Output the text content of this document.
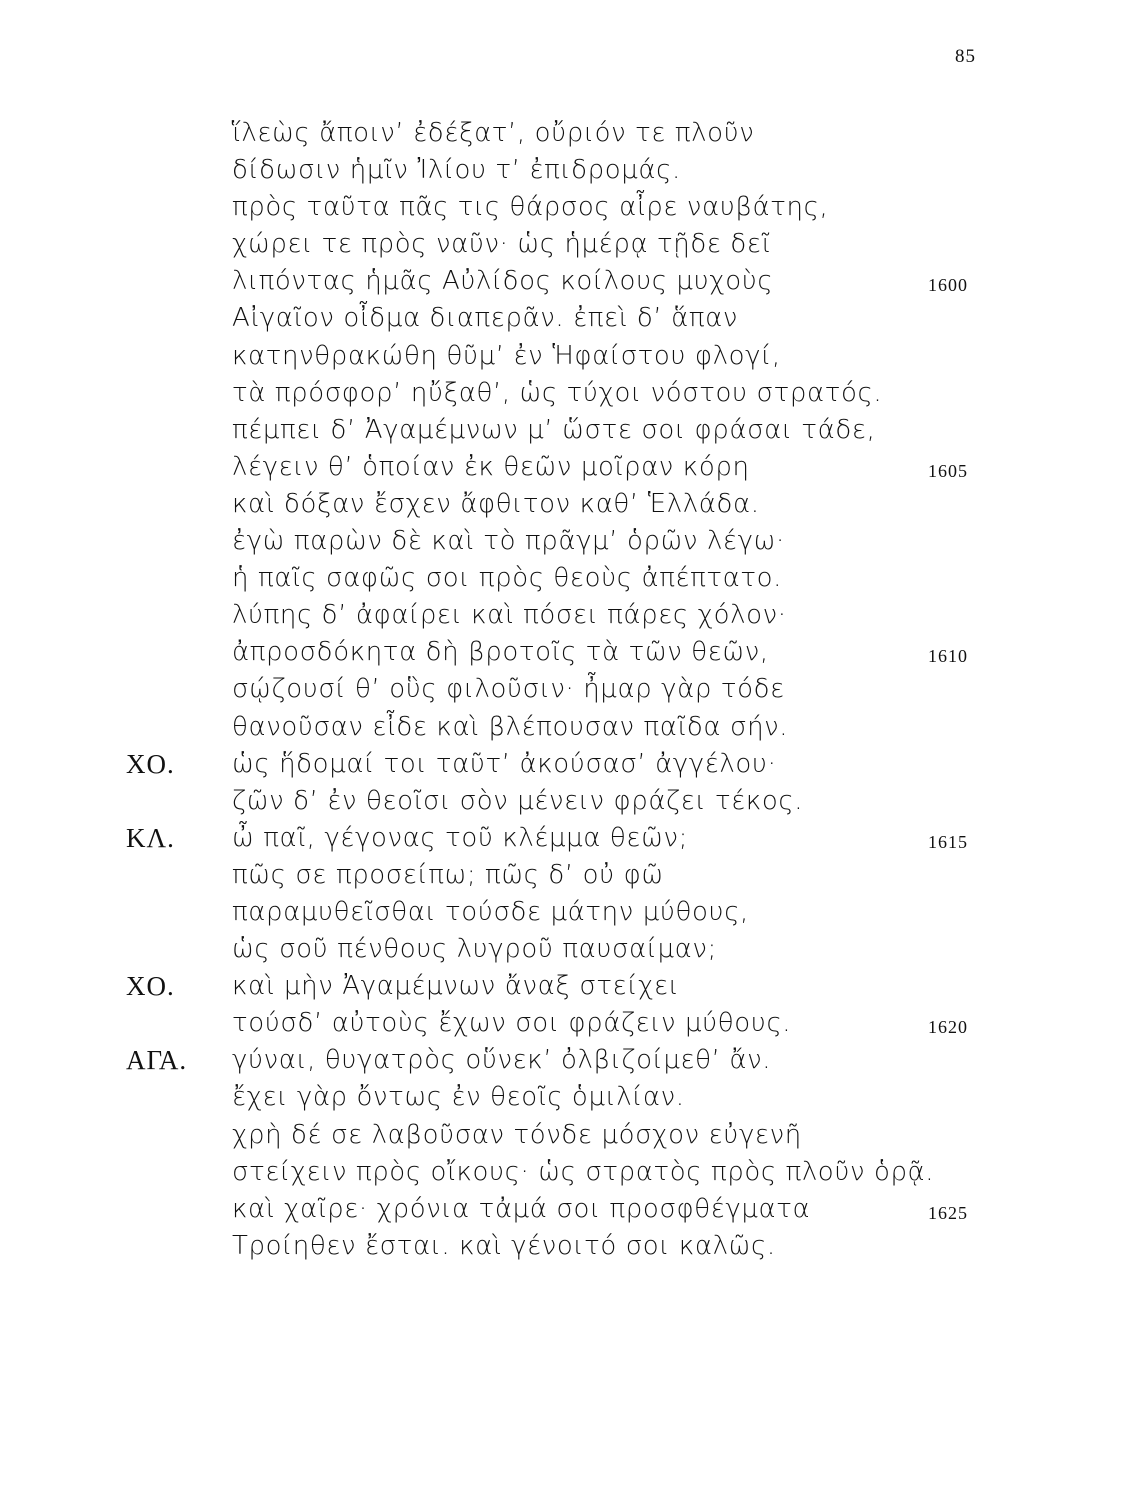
85
ἵλεὼς ἄποιν’ ἐδέξατ’, οὔριόν τε πλοῦν
δίδωσιν ἡμῖν Ἰλίου τ’ ἐπιδρομάς.
πρὸς ταῦτα πᾶς τις θάρσος αἶρε ναυβάτης,
χώρει τε πρὸς ναῦν· ὡς ἡμέρᾳ τῇδε δεῖ
λιπόντας ἡμᾶς Αὐλίδος κοίλους μυχοὺς	1600
Αἰγαῖον οἶδμα διαπερᾶν. ἐπεὶ δ’ ἅπαν
κατηνθρακώθη θῦμ’ ἐν Ἡφαίστου φλογί,
τὰ πρόσφορ’ ηὔξαθ’, ὡς τύχοι νόστου στρατός.
πέμπει δ’ Ἀγαμέμνων μ’ ὥστε σοι φράσαι τάδε,
λέγειν θ’ ὁποίαν ἐκ θεῶν μοῖραν κόρη	1605
καὶ δόξαν ἔσχεν ἄφθιτον καθ’ Ἑλλάδα.
ἐγὼ παρὼν δὲ καὶ τὸ πρᾶγμ’ ὁρῶν λέγω·
ἡ παῖς σαφῶς σοι πρὸς θεοὺς ἀπέπτατο.
λύπης δ’ ἀφαίρει καὶ πόσει πάρες χόλον·
ἀπροσδόκητα δὴ βροτοῖς τὰ τῶν θεῶν,	1610
σῴζουσί θ’ οὓς φιλοῦσιν· ἦμαρ γὰρ τόδε
θανοῦσαν εἶδε καὶ βλέπουσαν παῖδα σήν.
ΧΟ. ὡς ἥδομαί τοι ταῦτ’ ἀκούσασ’ ἀγγέλου·
ζῶν δ’ ἐν θεοῖσι σὸν μένειν φράζει τέκος.
ΚΛ. ὦ παῖ, γέγονας τοῦ κλέμμα θεῶν;	1615
πῶς σε προσείπω; πῶς δ’ οὐ φῶ
παραμυθεῖσθαι τούσδε μάτην μύθους,
ὡς σοῦ πένθους λυγροῦ παυσαίμαν;
ΧΟ. καὶ μὴν Ἀγαμέμνων ἄναξ στείχει
τούσδ’ αὐτοὺς ἔχων σοι φράζειν μύθους.	1620
ΑΓΑ. γύναι, θυγατρὸς οὕνεκ’ ὀλβιζοίμεθ’ ἄν.
ἔχει γὰρ ὄντως ἐν θεοῖς ὁμιλίαν.
χρὴ δέ σε λαβοῦσαν τόνδε μόσχον εὐγενῆ
στείχειν πρὸς οἴκους· ὡς στρατὸς πρὸς πλοῦν ὁρᾷ.
καὶ χαῖρε· χρόνια τἀμά σοι προσφθέγματα	1625
Τροίηθεν ἔσται. καὶ γένοιτό σοι καλῶς.
